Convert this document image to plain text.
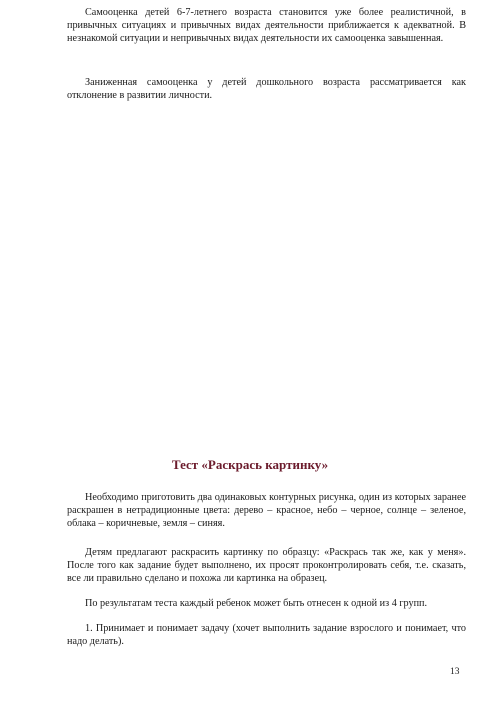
Самооценка детей 6-7-летнего возраста становится уже более реалистичной, в привычных ситуациях и привычных видах деятельности приближается к адекватной. В незнакомой ситуации и непривычных видах деятельности их самооценка завышенная.

Заниженная самооценка у детей дошкольного возраста рассматривается как отклонение в развитии личности.

Тест «Раскрась картинку»

Необходимо приготовить два одинаковых контурных рисунка, один из которых заранее раскрашен в нетрадиционные цвета: дерево – красное, небо – черное, солнце – зеленое, облака – коричневые, земля – синяя.

Детям предлагают раскрасить картинку по образцу: «Раскрась так же, как у меня». После того как задание будет выполнено, их просят проконтролировать себя, т.е. сказать, все ли правильно сделано и похожа ли картинка на образец.

По результатам теста каждый ребенок может быть отнесен к одной из 4 групп.

1. Принимает и понимает задачу (хочет выполнить задание взрослого и понимает, что надо делать).

13
